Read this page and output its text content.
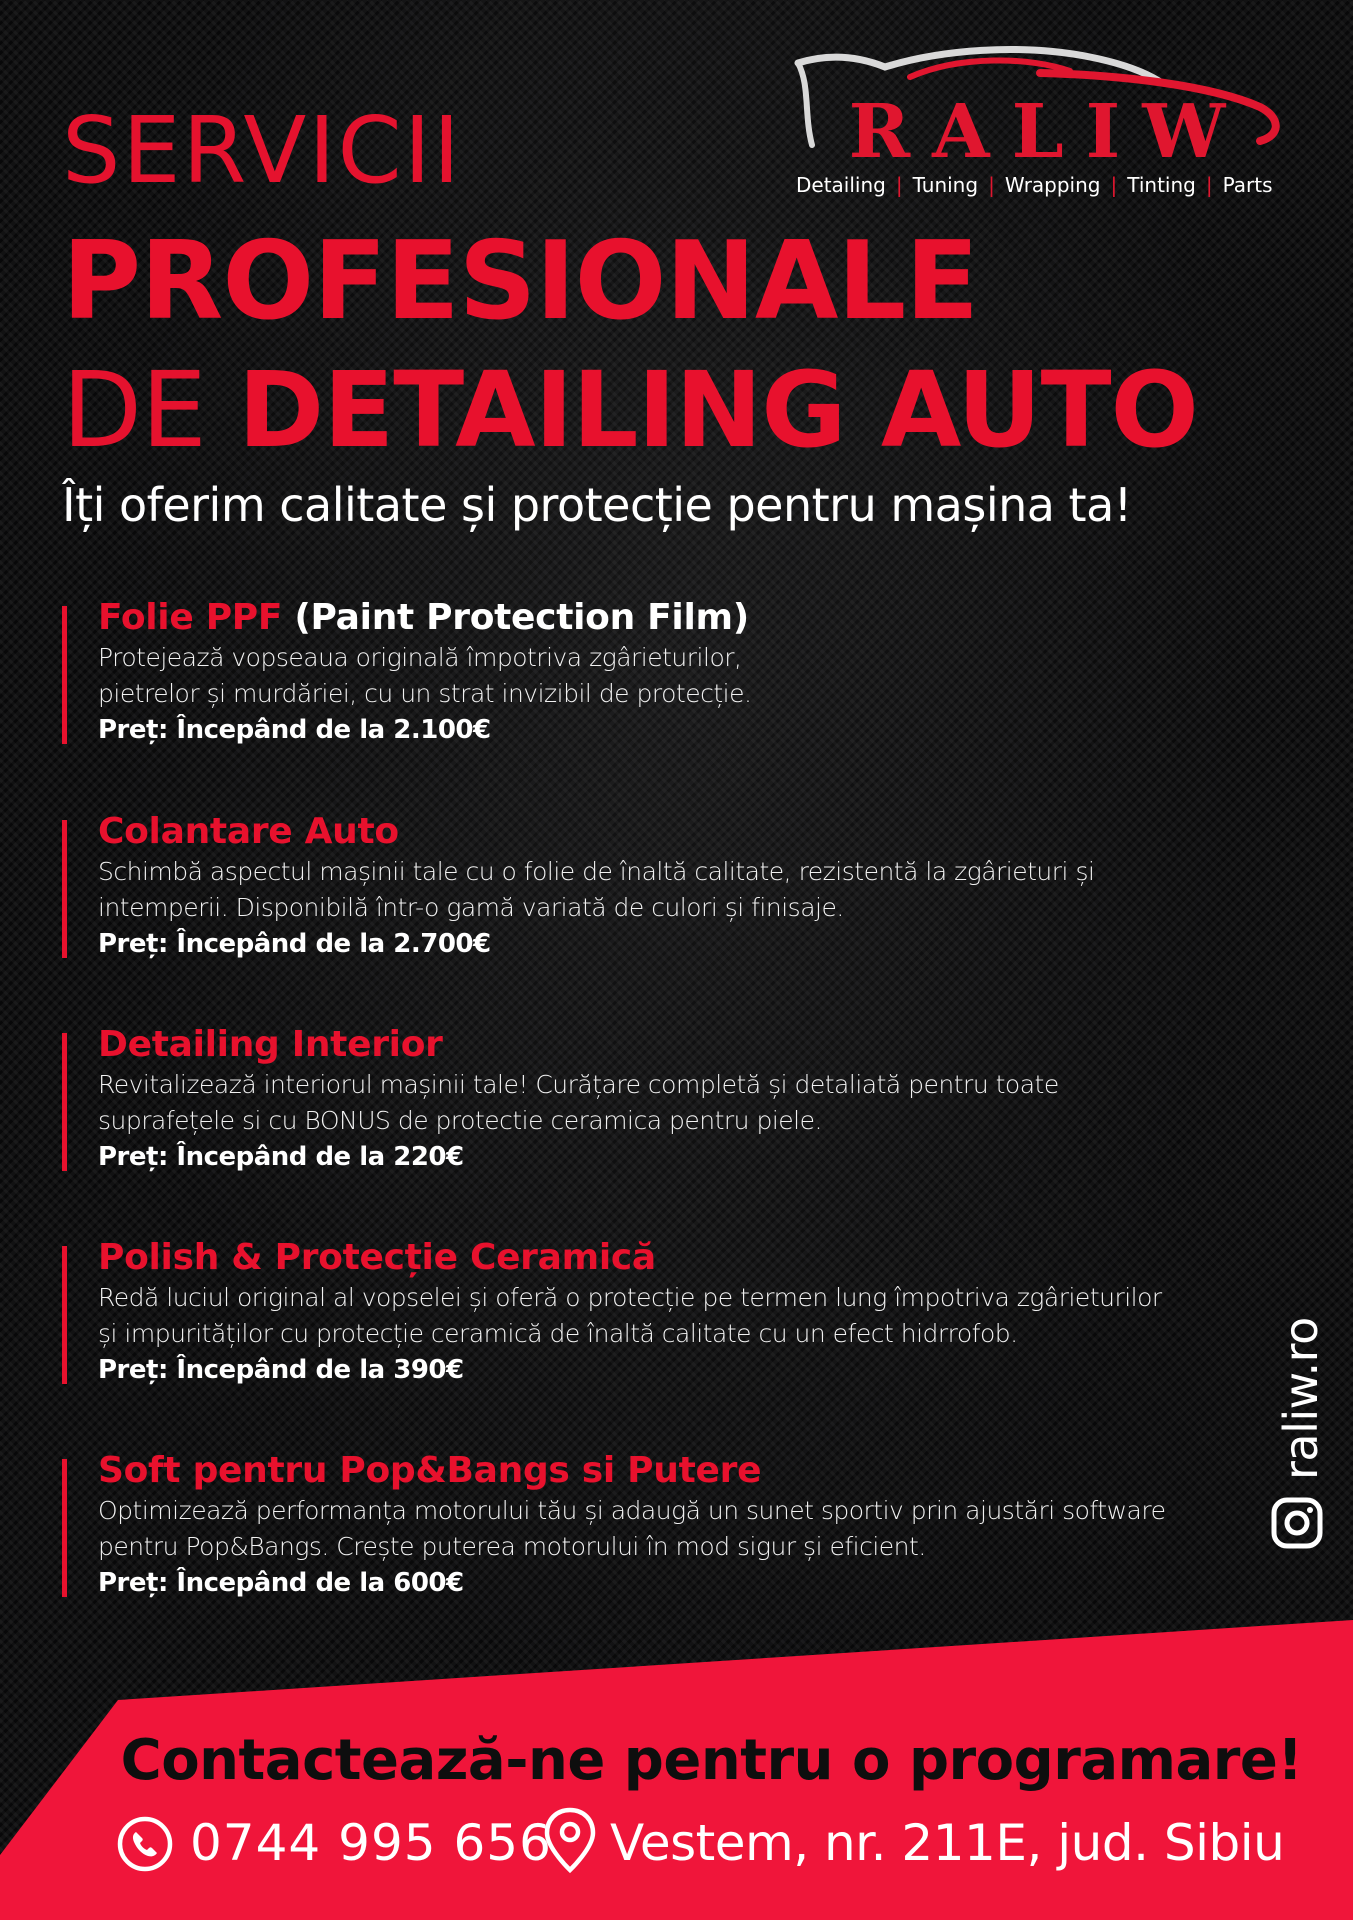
RALIW
Detailing | Tuning | Wrapping | Tinting | Parts
SERVICII
PROFESIONALE
DE DETAILING AUTO
Îți oferim calitate și protecție pentru mașina ta!
Folie PPF (Paint Protection Film)
Protejează vopseaua originală împotriva zgârieturilor,
pietrelor și murdăriei, cu un strat invizibil de protecție.
Preț: Începând de la 2.100€
Colantare Auto
Schimbă aspectul mașinii tale cu o folie de înaltă calitate, rezistentă la zgârieturi și
intemperii. Disponibilă într-o gamă variată de culori și finisaje.
Preț: Începând de la 2.700€
Detailing Interior
Revitalizează interiorul mașinii tale! Curățare completă și detaliată pentru toate
suprafețele si cu BONUS de protectie ceramica pentru piele.
Preț: Începând de la 220€
Polish & Protecție Ceramică
Redă luciul original al vopselei și oferă o protecție pe termen lung împotriva zgârieturilor
și impurităților cu protecție ceramică de înaltă calitate cu un efect hidrrofob.
Preț: Începând de la 390€
Soft pentru Pop&Bangs si Putere
Optimizează performanța motorului tău și adaugă un sunet sportiv prin ajustări software
pentru Pop&Bangs. Crește puterea motorului în mod sigur și eficient.
Preț: Începând de la 600€
raliw.ro
Contactează-ne pentru o programare!
0744 995 656 Vestem, nr. 211E, jud. Sibiu
